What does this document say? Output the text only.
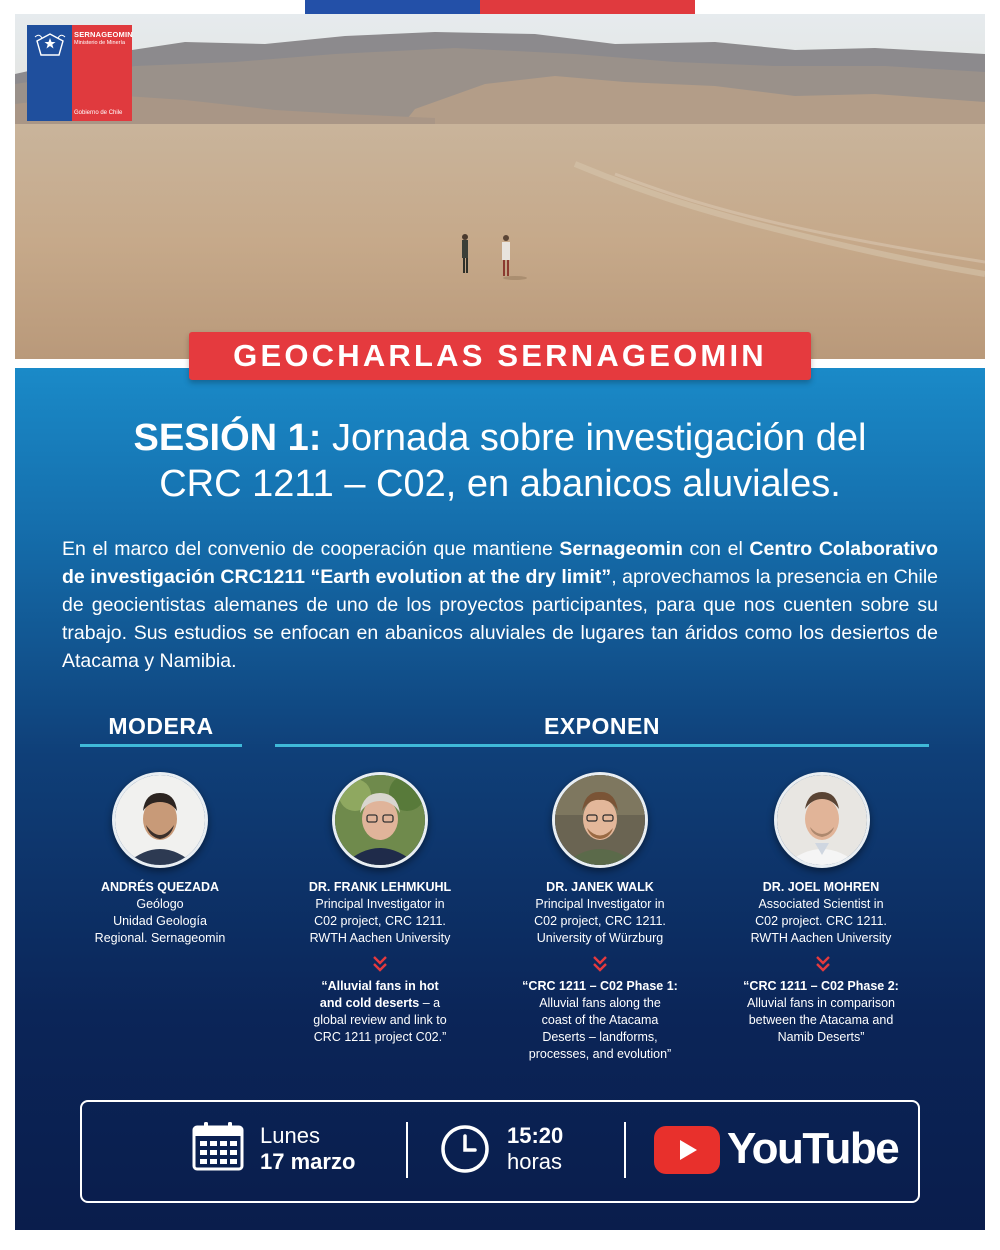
SERNAGEOMIN
Ministerio de Minería
Gobierno de Chile
GEOCHARLAS SERNAGEOMIN
SESIÓN 1: Jornada sobre investigación del
CRC 1211 – C02, en abanicos aluviales.
En el marco del convenio de cooperación que mantiene Sernageomin con el Centro Colaborativo de investigación CRC1211 “Earth evolution at the dry limit”, aprovechamos la presencia en Chile de geocientistas alemanes de uno de los proyectos participantes, para que nos cuenten sobre su trabajo. Sus estudios se enfocan en abanicos aluviales de lugares tan áridos como los desiertos de Atacama y Namibia.
MODERA	EXPONEN
ANDRÉS QUEZADA
Geólogo
Unidad Geología
Regional. Sernageomin
DR. FRANK LEHMKUHL
Principal Investigator in
C02 project, CRC 1211.
RWTH Aachen University
DR. JANEK WALK
Principal Investigator in
C02 project, CRC 1211.
University of Würzburg
DR. JOEL MOHREN
Associated Scientist in
C02 project. CRC 1211.
RWTH Aachen University
“Alluvial fans in hot
and cold deserts – a
global review and link to
CRC 1211 project C02.”
“CRC 1211 – C02 Phase 1:
Alluvial fans along the
coast of the Atacama
Deserts – landforms,
processes, and evolution”
“CRC 1211 – C02 Phase 2:
Alluvial fans in comparison
between the Atacama and
Namib Deserts”
Lunes
17 marzo
15:20
horas	YouTube
